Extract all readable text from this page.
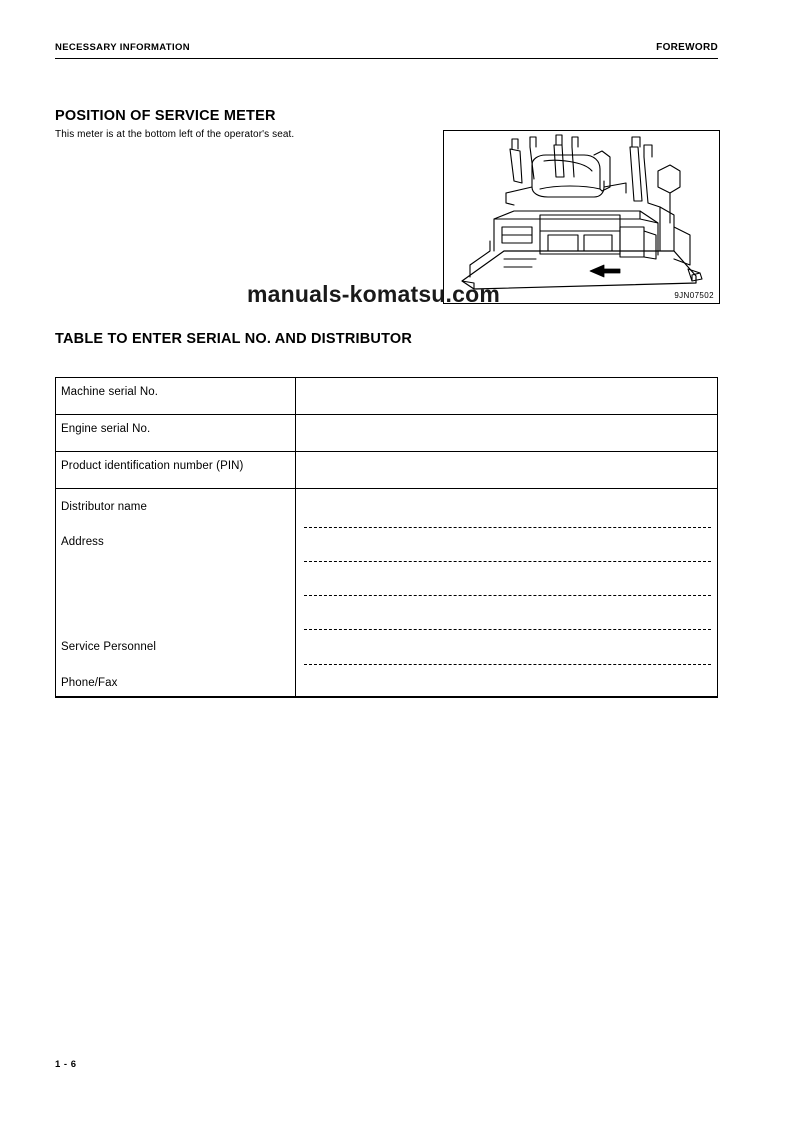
NECESSARY INFORMATION	FOREWORD
POSITION OF SERVICE METER
This meter is at the bottom left of the operator's seat.
9JN07502
manuals-komatsu.com
TABLE TO ENTER SERIAL NO. AND DISTRIBUTOR
Machine serial No.
Engine serial No.
Product identification number (PIN)
Distributor name
Address
Service Personnel
Phone/Fax
1 - 6
